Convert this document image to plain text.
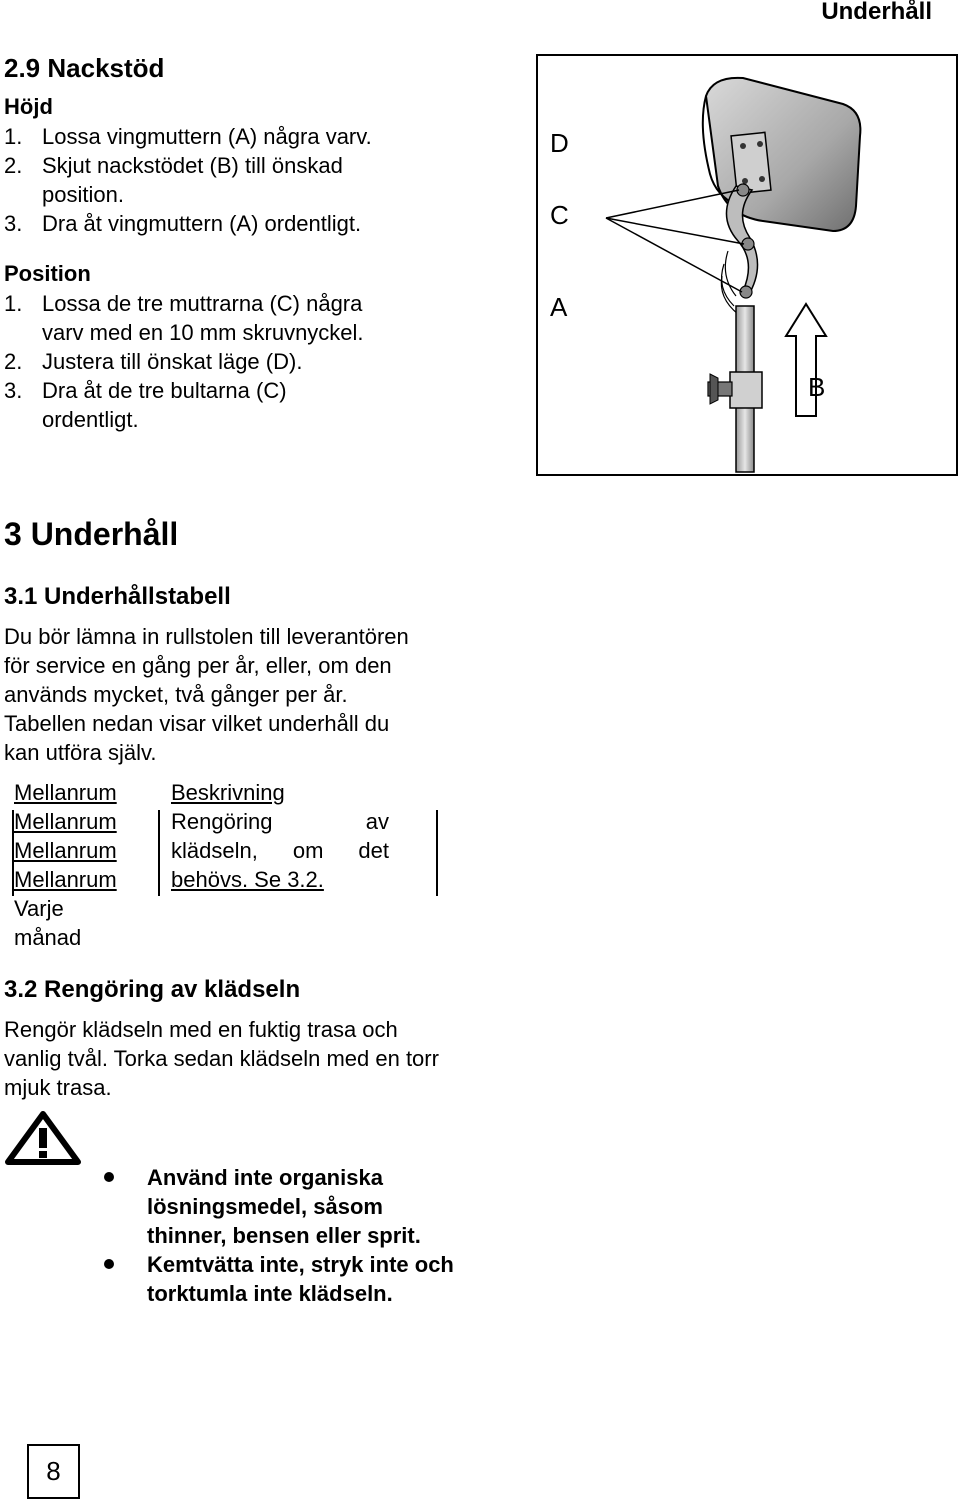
Underhåll
2.9 Nackstöd
Höjd
1. Lossa vingmuttern (A) några varv.
2. Skjut nackstödet (B) till önskad position.
3. Dra åt vingmuttern (A) ordentligt.
Position
1. Lossa de tre muttrarna (C) några varv med en 10 mm skruvnyckel.
2. Justera till önskat läge (D).
3. Dra åt de tre bultarna (C) ordentligt.
D
C
A
B
3 Underhåll
3.1 Underhållstabell
Du bör lämna in rullstolen till leverantören för service en gång per år, eller, om den används mycket, två gånger per år. Tabellen nedan visar vilket underhåll du kan utföra själv.
Mellanrum
Mellanrum
Mellanrum
Mellanrum
Varje
månad
Beskrivning
Rengöring	av
klädseln, om det
behövs. Se 3.2.
3.2 Rengöring av klädseln
Rengör klädseln med en fuktig trasa och vanlig tvål. Torka sedan klädseln med en torr mjuk trasa.
Använd inte organiska lösningsmedel, såsom thinner, bensen eller sprit.
Kemtvätta inte, stryk inte och torktumla inte klädseln.
8
